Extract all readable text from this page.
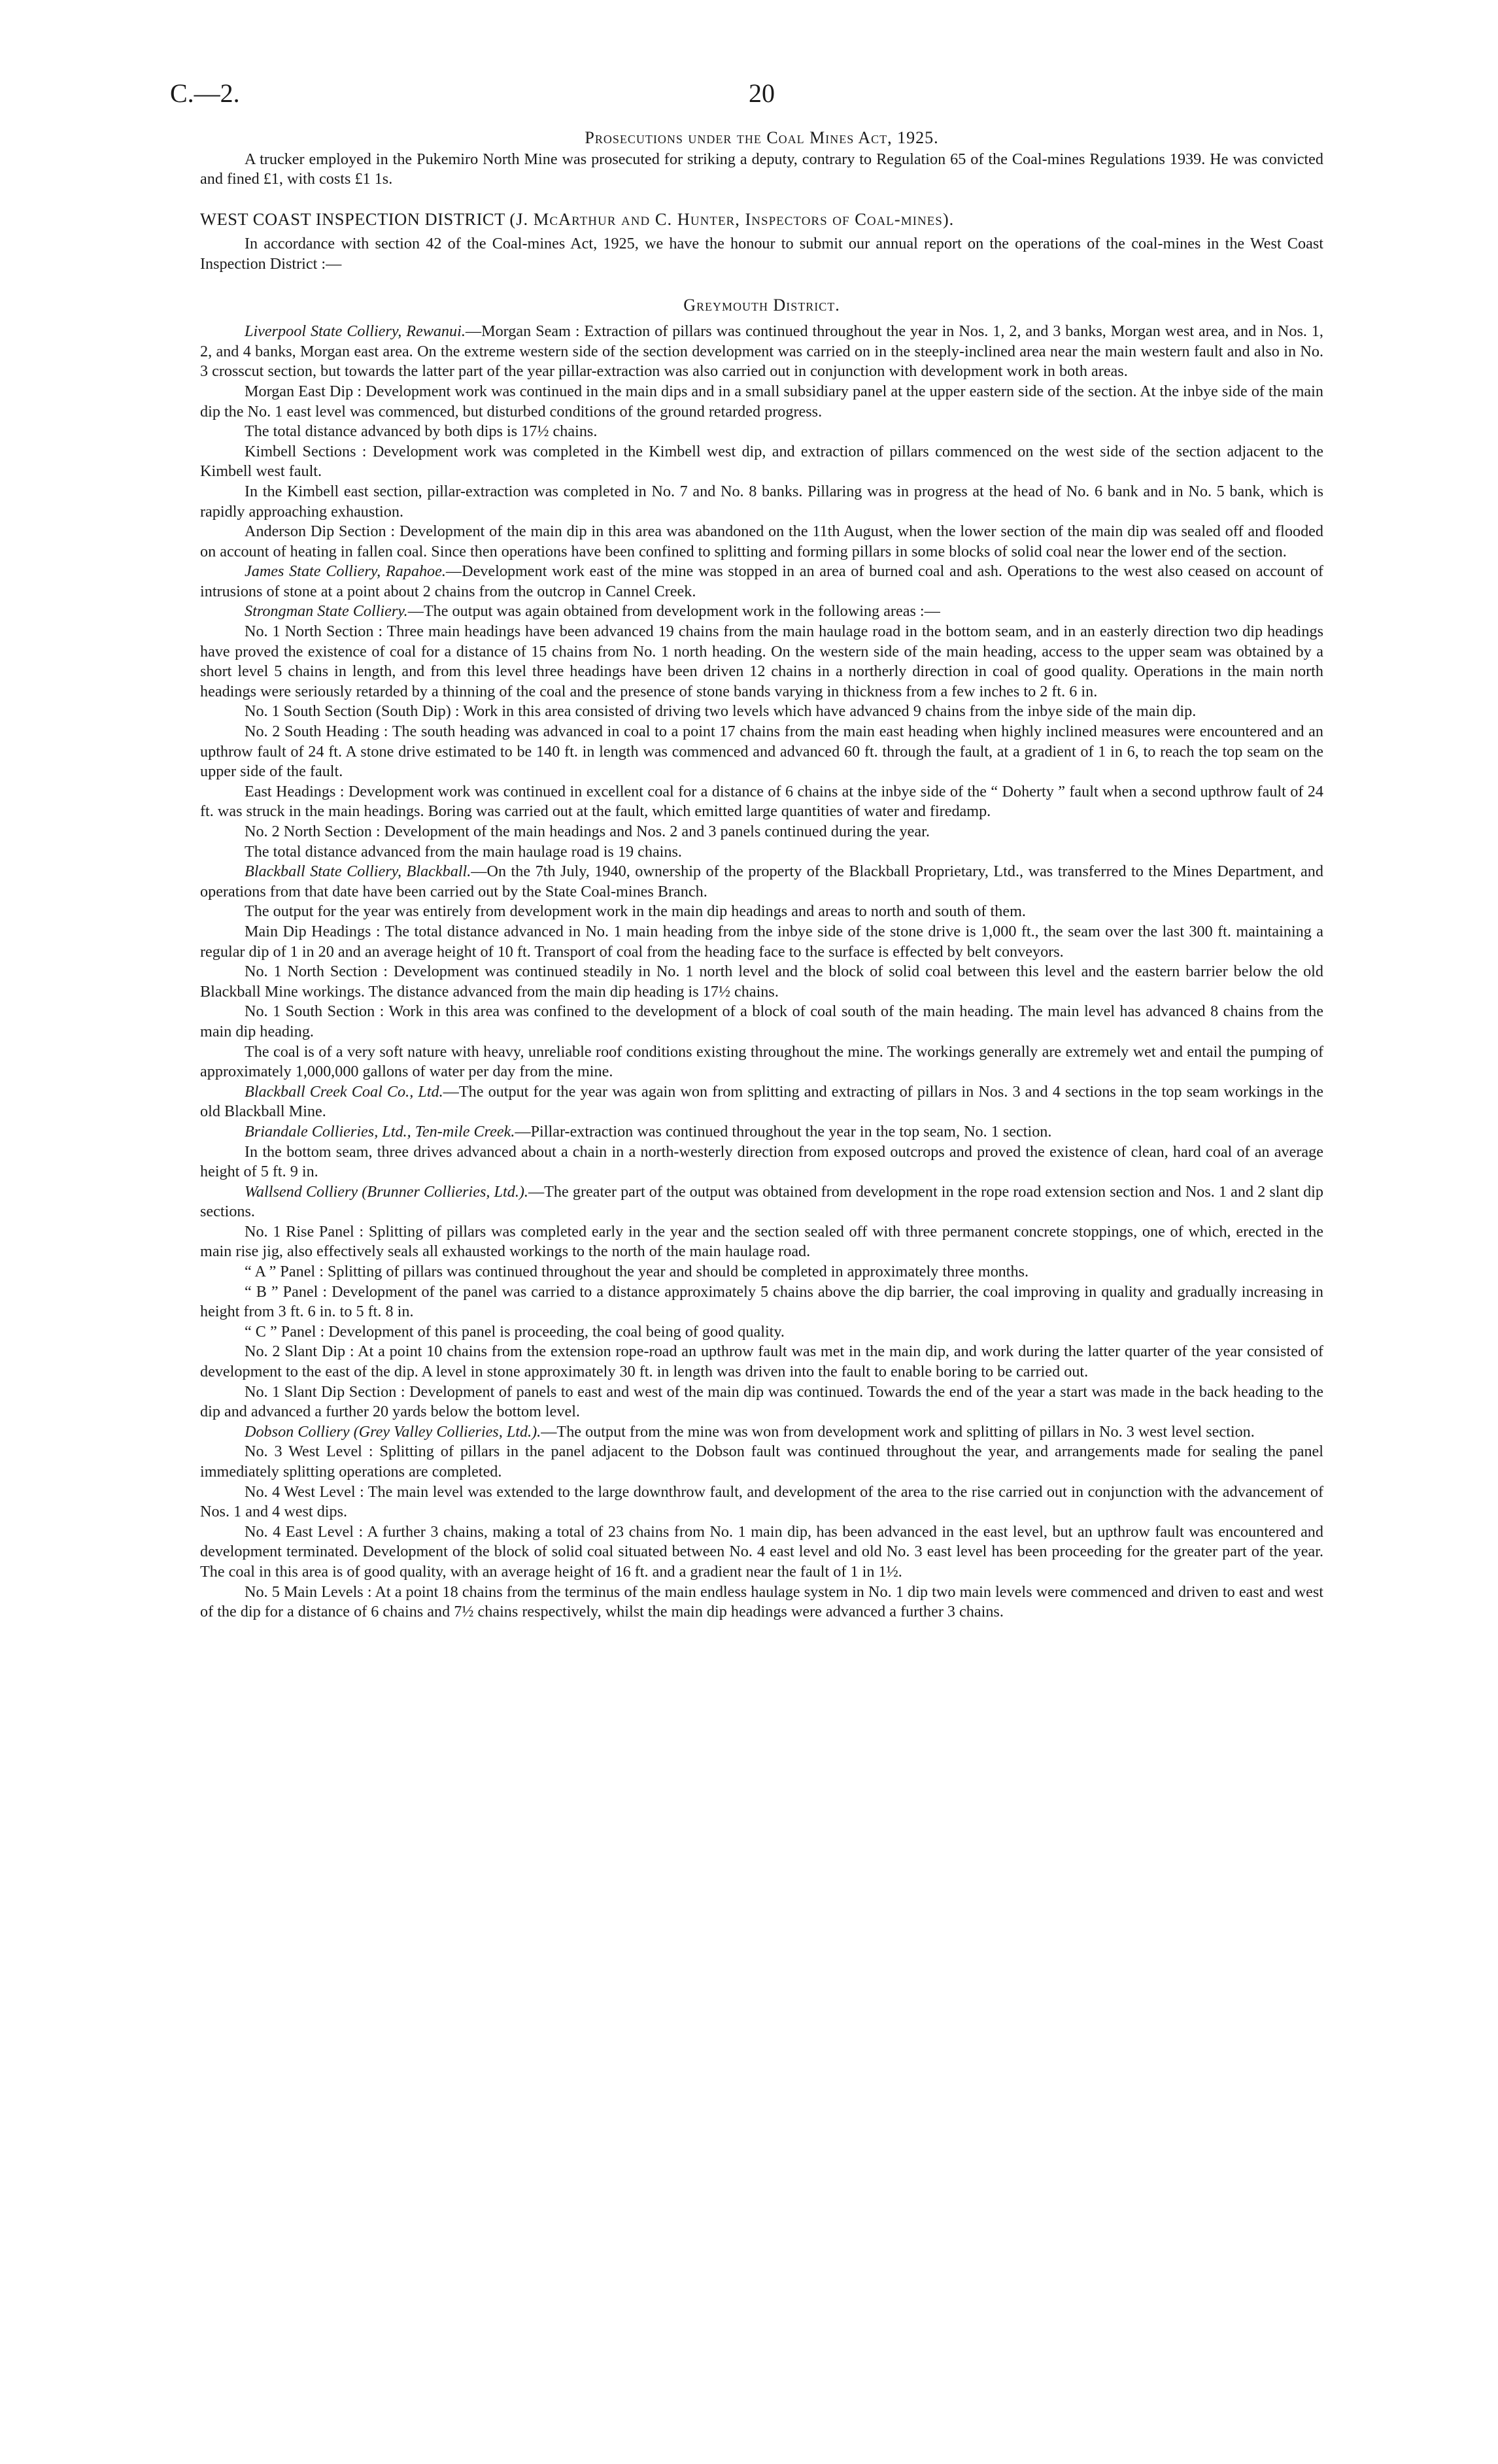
C.—2.	20
Prosecutions under the Coal Mines Act, 1925.

A trucker employed in the Pukemiro North Mine was prosecuted for striking a deputy, contrary to Regulation 65 of the Coal-mines Regulations 1939. He was convicted and fined £1, with costs £1 1s.

WEST COAST INSPECTION DISTRICT (J. McArthur and C. Hunter, Inspectors of Coal-mines).

In accordance with section 42 of the Coal-mines Act, 1925, we have the honour to submit our annual report on the operations of the coal-mines in the West Coast Inspection District :—

Greymouth District.

Liverpool State Colliery, Rewanui.—Morgan Seam : Extraction of pillars was continued throughout the year in Nos. 1, 2, and 3 banks, Morgan west area, and in Nos. 1, 2, and 4 banks, Morgan east area. On the extreme western side of the section development was carried on in the steeply-inclined area near the main western fault and also in No. 3 crosscut section, but towards the latter part of the year pillar-extraction was also carried out in conjunction with development work in both areas.

Morgan East Dip : Development work was continued in the main dips and in a small subsidiary panel at the upper eastern side of the section. At the inbye side of the main dip the No. 1 east level was commenced, but disturbed conditions of the ground retarded progress.

The total distance advanced by both dips is 17½ chains.

Kimbell Sections : Development work was completed in the Kimbell west dip, and extraction of pillars commenced on the west side of the section adjacent to the Kimbell west fault.

In the Kimbell east section, pillar-extraction was completed in No. 7 and No. 8 banks. Pillaring was in progress at the head of No. 6 bank and in No. 5 bank, which is rapidly approaching exhaustion.

Anderson Dip Section : Development of the main dip in this area was abandoned on the 11th August, when the lower section of the main dip was sealed off and flooded on account of heating in fallen coal. Since then operations have been confined to splitting and forming pillars in some blocks of solid coal near the lower end of the section.

James State Colliery, Rapahoe.—Development work east of the mine was stopped in an area of burned coal and ash. Operations to the west also ceased on account of intrusions of stone at a point about 2 chains from the outcrop in Cannel Creek.

Strongman State Colliery.—The output was again obtained from development work in the following areas :—

No. 1 North Section : Three main headings have been advanced 19 chains from the main haulage road in the bottom seam, and in an easterly direction two dip headings have proved the existence of coal for a distance of 15 chains from No. 1 north heading. On the western side of the main heading, access to the upper seam was obtained by a short level 5 chains in length, and from this level three headings have been driven 12 chains in a northerly direction in coal of good quality. Operations in the main north headings were seriously retarded by a thinning of the coal and the presence of stone bands varying in thickness from a few inches to 2 ft. 6 in.

No. 1 South Section (South Dip) : Work in this area consisted of driving two levels which have advanced 9 chains from the inbye side of the main dip.

No. 2 South Heading : The south heading was advanced in coal to a point 17 chains from the main east heading when highly inclined measures were encountered and an upthrow fault of 24 ft. A stone drive estimated to be 140 ft. in length was commenced and advanced 60 ft. through the fault, at a gradient of 1 in 6, to reach the top seam on the upper side of the fault.

East Headings : Development work was continued in excellent coal for a distance of 6 chains at the inbye side of the “ Doherty ” fault when a second upthrow fault of 24 ft. was struck in the main headings. Boring was carried out at the fault, which emitted large quantities of water and firedamp.

No. 2 North Section : Development of the main headings and Nos. 2 and 3 panels continued during the year.

The total distance advanced from the main haulage road is 19 chains.

Blackball State Colliery, Blackball.—On the 7th July, 1940, ownership of the property of the Blackball Proprietary, Ltd., was transferred to the Mines Department, and operations from that date have been carried out by the State Coal-mines Branch.

The output for the year was entirely from development work in the main dip headings and areas to north and south of them.

Main Dip Headings : The total distance advanced in No. 1 main heading from the inbye side of the stone drive is 1,000 ft., the seam over the last 300 ft. maintaining a regular dip of 1 in 20 and an average height of 10 ft. Transport of coal from the heading face to the surface is effected by belt conveyors.

No. 1 North Section : Development was continued steadily in No. 1 north level and the block of solid coal between this level and the eastern barrier below the old Blackball Mine workings. The distance advanced from the main dip heading is 17½ chains.

No. 1 South Section : Work in this area was confined to the development of a block of coal south of the main heading. The main level has advanced 8 chains from the main dip heading.

The coal is of a very soft nature with heavy, unreliable roof conditions existing throughout the mine. The workings generally are extremely wet and entail the pumping of approximately 1,000,000 gallons of water per day from the mine.

Blackball Creek Coal Co., Ltd.—The output for the year was again won from splitting and extracting of pillars in Nos. 3 and 4 sections in the top seam workings in the old Blackball Mine.

Briandale Collieries, Ltd., Ten-mile Creek.—Pillar-extraction was continued throughout the year in the top seam, No. 1 section.

In the bottom seam, three drives advanced about a chain in a north-westerly direction from exposed outcrops and proved the existence of clean, hard coal of an average height of 5 ft. 9 in.

Wallsend Colliery (Brunner Collieries, Ltd.).—The greater part of the output was obtained from development in the rope road extension section and Nos. 1 and 2 slant dip sections.

No. 1 Rise Panel : Splitting of pillars was completed early in the year and the section sealed off with three permanent concrete stoppings, one of which, erected in the main rise jig, also effectively seals all exhausted workings to the north of the main haulage road.

“ A ” Panel : Splitting of pillars was continued throughout the year and should be completed in approximately three months.

“ B ” Panel : Development of the panel was carried to a distance approximately 5 chains above the dip barrier, the coal improving in quality and gradually increasing in height from 3 ft. 6 in. to 5 ft. 8 in.

“ C ” Panel : Development of this panel is proceeding, the coal being of good quality.

No. 2 Slant Dip : At a point 10 chains from the extension rope-road an upthrow fault was met in the main dip, and work during the latter quarter of the year consisted of development to the east of the dip. A level in stone approximately 30 ft. in length was driven into the fault to enable boring to be carried out.

No. 1 Slant Dip Section : Development of panels to east and west of the main dip was continued. Towards the end of the year a start was made in the back heading to the dip and advanced a further 20 yards below the bottom level.

Dobson Colliery (Grey Valley Collieries, Ltd.).—The output from the mine was won from development work and splitting of pillars in No. 3 west level section.

No. 3 West Level : Splitting of pillars in the panel adjacent to the Dobson fault was continued throughout the year, and arrangements made for sealing the panel immediately splitting operations are completed.

No. 4 West Level : The main level was extended to the large downthrow fault, and development of the area to the rise carried out in conjunction with the advancement of Nos. 1 and 4 west dips.

No. 4 East Level : A further 3 chains, making a total of 23 chains from No. 1 main dip, has been advanced in the east level, but an upthrow fault was encountered and development terminated. Development of the block of solid coal situated between No. 4 east level and old No. 3 east level has been proceeding for the greater part of the year. The coal in this area is of good quality, with an average height of 16 ft. and a gradient near the fault of 1 in 1½.

No. 5 Main Levels : At a point 18 chains from the terminus of the main endless haulage system in No. 1 dip two main levels were commenced and driven to east and west of the dip for a distance of 6 chains and 7½ chains respectively, whilst the main dip headings were advanced a further 3 chains.
